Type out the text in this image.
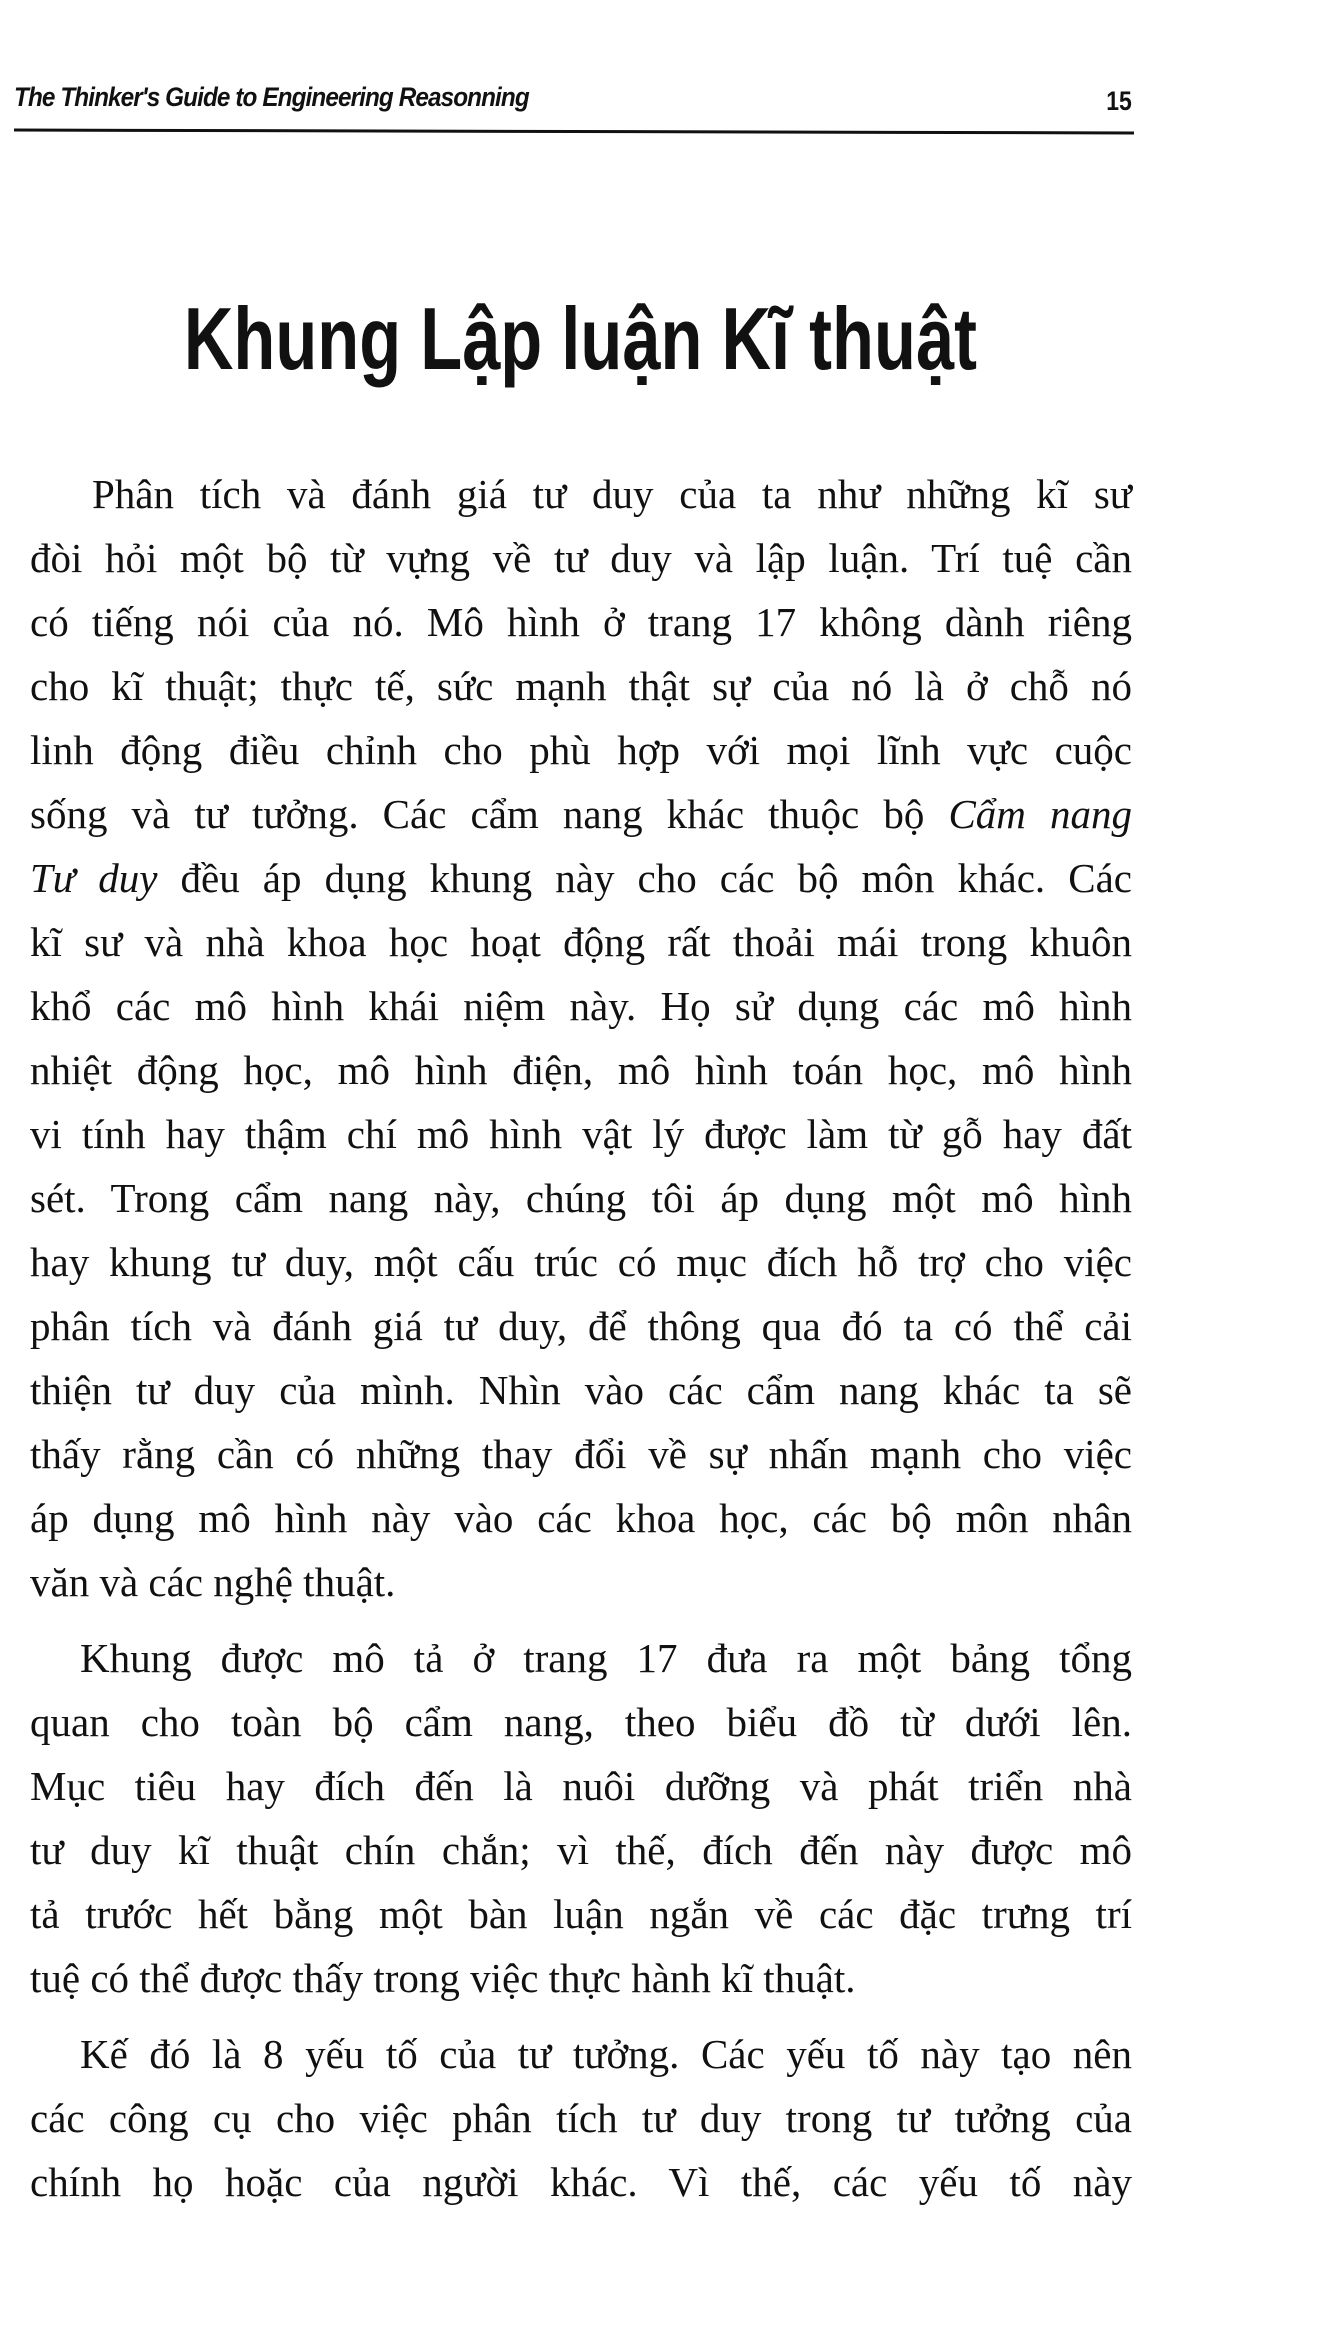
The Thinker's Guide to Engineering Reasonning	15
Khung Lập luận Kĩ thuật
Phân tích và đánh giá tư duy của ta như những kĩ sư
đòi hỏi một bộ từ vựng về tư duy và lập luận. Trí tuệ cần
có tiếng nói của nó. Mô hình ở trang 17 không dành riêng
cho kĩ thuật; thực tế, sức mạnh thật sự của nó là ở chỗ nó
linh động điều chỉnh cho phù hợp với mọi lĩnh vực cuộc
sống và tư tưởng. Các cẩm nang khác thuộc bộ Cẩm nang
Tư duy đều áp dụng khung này cho các bộ môn khác. Các
kĩ sư và nhà khoa học hoạt động rất thoải mái trong khuôn
khổ các mô hình khái niệm này. Họ sử dụng các mô hình
nhiệt động học, mô hình điện, mô hình toán học, mô hình
vi tính hay thậm chí mô hình vật lý được làm từ gỗ hay đất
sét. Trong cẩm nang này, chúng tôi áp dụng một mô hình
hay khung tư duy, một cấu trúc có mục đích hỗ trợ cho việc
phân tích và đánh giá tư duy, để thông qua đó ta có thể cải
thiện tư duy của mình. Nhìn vào các cẩm nang khác ta sẽ
thấy rằng cần có những thay đổi về sự nhấn mạnh cho việc
áp dụng mô hình này vào các khoa học, các bộ môn nhân
văn và các nghệ thuật.
Khung được mô tả ở trang 17 đưa ra một bảng tổng
quan cho toàn bộ cẩm nang, theo biểu đồ từ dưới lên.
Mục tiêu hay đích đến là nuôi dưỡng và phát triển nhà
tư duy kĩ thuật chín chắn; vì thế, đích đến này được mô
tả trước hết bằng một bàn luận ngắn về các đặc trưng trí
tuệ có thể được thấy trong việc thực hành kĩ thuật.
Kế đó là 8 yếu tố của tư tưởng. Các yếu tố này tạo nên
các công cụ cho việc phân tích tư duy trong tư tưởng của
chính họ hoặc của người khác. Vì thế, các yếu tố này
